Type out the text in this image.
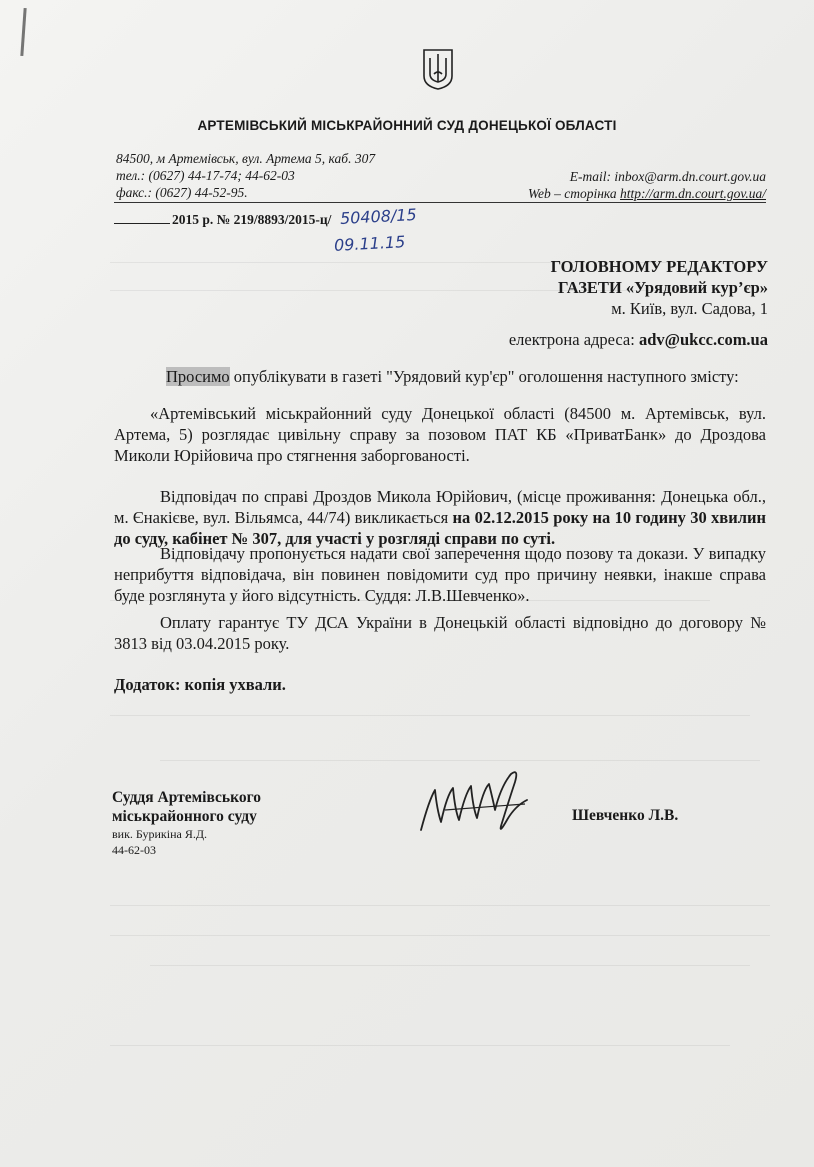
АРТЕМІВСЬКИЙ МІСЬКРАЙОННИЙ СУД ДОНЕЦЬКОЇ ОБЛАСТІ
84500, м Артемівськ, вул. Артема 5, каб. 307
тел.: (0627) 44-17-74; 44-62-03
факс.: (0627) 44-52-95.
E-mail: inbox@arm.dn.court.gov.ua
Web – сторінка http://arm.dn.court.gov.ua/
2015 р. № 219/8893/2015-ц/ 50408/15
09.11.15
ГОЛОВНОМУ РЕДАКТОРУ
ГАЗЕТИ «Урядовий кур’єр»
м. Київ, вул. Садова, 1
електрона адреса: adv@ukcc.com.ua
Просимо опублікувати в газеті "Урядовий кур'єр" оголошення наступного змісту:
«Артемівський міськрайонний суду Донецької області (84500 м. Артемівськ, вул. Артема, 5) розглядає цивільну справу за позовом ПАТ КБ «ПриватБанк» до Дроздова Миколи Юрійовича про стягнення заборгованості.
Відповідач по справі Дроздов Микола Юрійович, (місце проживання: Донецька обл., м. Єнакієве, вул. Вільямса, 44/74) викликається на 02.12.2015 року на 10 годину 30 хвилин до суду, кабінет № 307, для участі у розгляді справи по суті.
Відповідачу пропонується надати свої заперечення щодо позову та докази. У випадку неприбуття відповідача, він повинен повідомити суд про причину неявки, інакше справа буде розглянута у його відсутність. Суддя: Л.В.Шевченко».
Оплату гарантує ТУ ДСА України в Донецькій області відповідно до договору № 3813 від 03.04.2015 року.
Додаток: копія ухвали.
Суддя Артемівського
міськрайонного суду
вик. Бурикіна Я.Д.
44-62-03
Шевченко Л.В.
